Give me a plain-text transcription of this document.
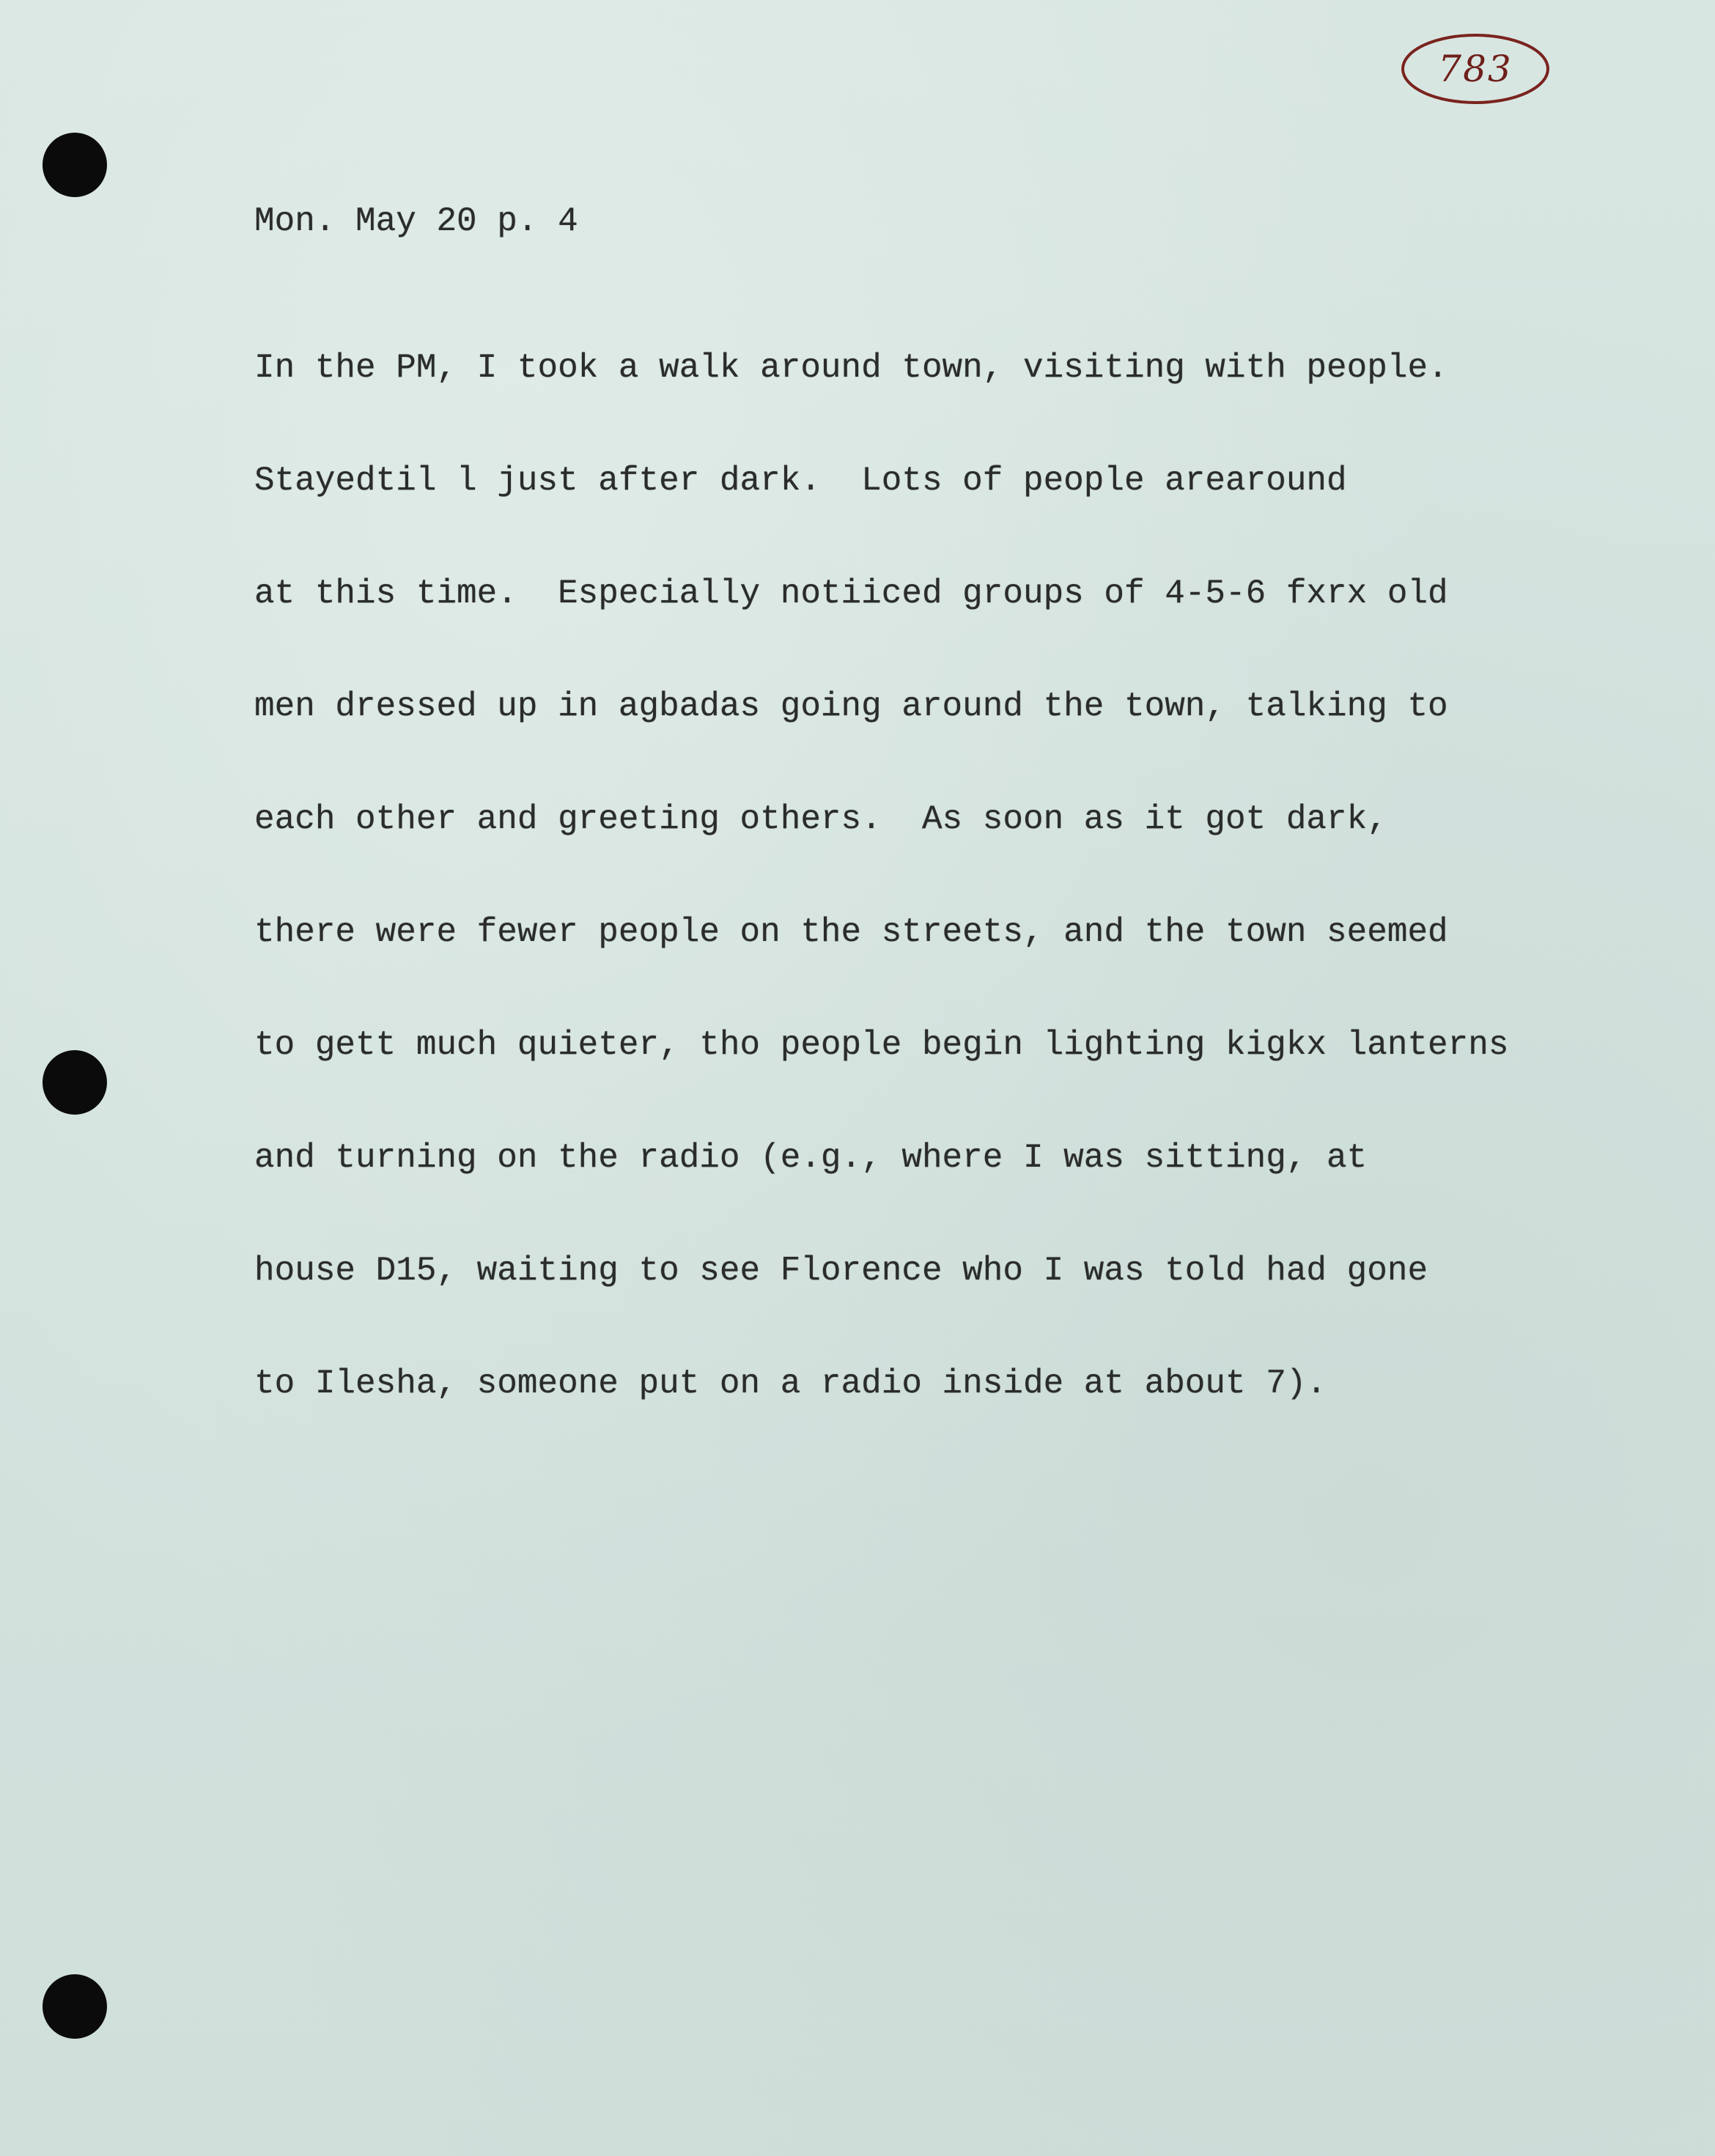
783
Mon. May 20 p. 4

In the PM, I took a walk around town, visiting with people.

Stayedtil l just after dark.  Lots of people arearound

at this time.  Especially notiiced groups of 4-5-6 fxrx old

men dressed up in agbadas going around the town, talking to

each other and greeting others.  As soon as it got dark,

there were fewer people on the streets, and the town seemed

to gett much quieter, tho people begin lighting kigkx lanterns

and turning on the radio (e.g., where I was sitting, at

house D15, waiting to see Florence who I was told had gone

to Ilesha, someone put on a radio inside at about 7).
